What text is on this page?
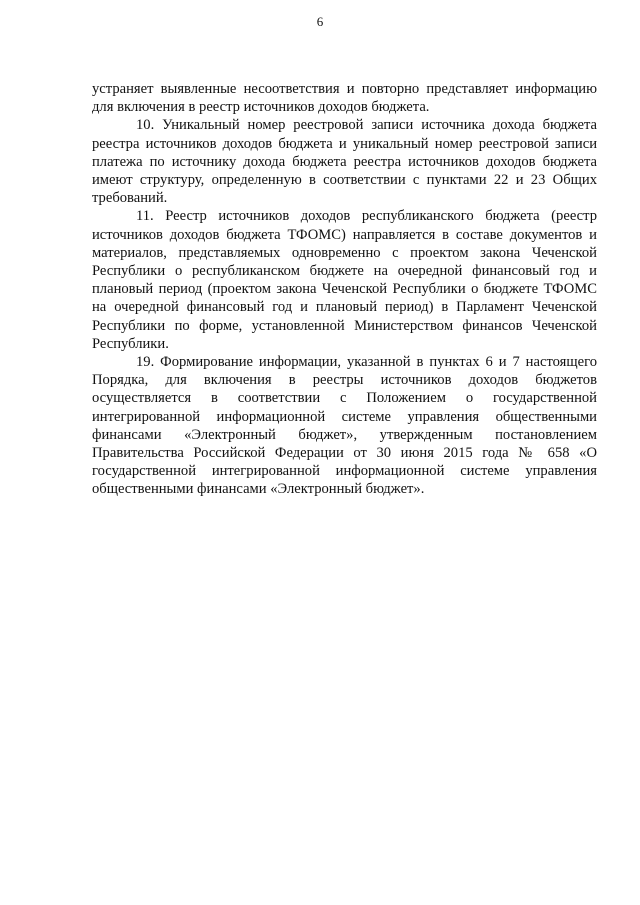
6

устраняет выявленные несоответствия и повторно представляет информацию для включения в реестр источников доходов бюджета.

10. Уникальный номер реестровой записи источника дохода бюджета реестра источников доходов бюджета и уникальный номер реестровой записи платежа по источнику дохода бюджета реестра источников доходов бюджета имеют структуру, определенную в соответствии с пунктами 22 и 23 Общих требований.

11. Реестр источников доходов республиканского бюджета (реестр источников доходов бюджета ТФОМС) направляется в составе документов и материалов, представляемых одновременно с проектом закона Чеченской Республики о республиканском бюджете на очередной финансовый год и плановый период (проектом закона Чеченской Республики о бюджете ТФОМС на очередной финансовый год и плановый период) в Парламент Чеченской Республики по форме, установленной Министерством финансов Чеченской Республики.

19. Формирование информации, указанной в пунктах 6 и 7 настоящего Порядка, для включения в реестры источников доходов бюджетов осуществляется в соответствии с Положением о государственной интегрированной информационной системе управления общественными финансами «Электронный бюджет», утвержденным постановлением Правительства Российской Федерации от 30 июня 2015 года № 658 «О государственной интегрированной информационной системе управления общественными финансами «Электронный бюджет».
